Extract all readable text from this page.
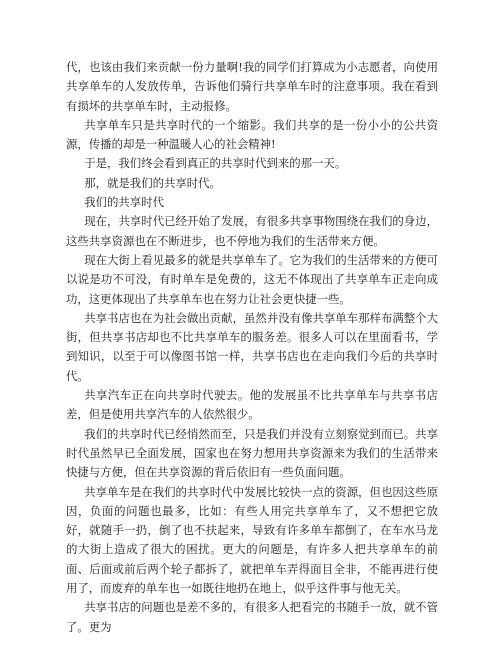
代，也该由我们来贡献一份力量啊!我的同学们打算成为小志愿者，向使用共享单车的人发放传单，告诉他们骑行共享单车时的注意事项。我在看到有损坏的共享单车时，主动报修。

共享单车只是共享时代的一个缩影。我们共享的是一份小小的公共资源，传播的却是一种温暖人心的社会精神!

于是，我们终会看到真正的共享时代到来的那一天。

那，就是我们的共享时代。

我们的共享时代

现在，共享时代已经开始了发展，有很多共享事物围绕在我们的身边，这些共享资源也在不断进步，也不停地为我们的生活带来方便。

现在大街上看见最多的就是共享单车了。它为我们的生活带来的方便可以说是功不可没，有时单车是免费的，这无不体现出了共享单车正走向成功，这更体现出了共享单车也在努力让社会更快捷一些。

共享书店也在为社会做出贡献，虽然并没有像共享单车那样布满整个大街，但共享书店却也不比共享单车的服务差。很多人可以在里面看书，学到知识，以至于可以像图书馆一样，共享书店也在走向我们今后的共享时代。

共享汽车正在向共享时代驶去。他的发展虽不比共享单车与共享书店差，但是使用共享汽车的人依然很少。

我们的共享时代已经悄然而至，只是我们并没有立刻察觉到而已。共享时代虽然早已全面发展，国家也在努力想用共享资源来为我们的生活带来快捷与方便，但在共享资源的背后依旧有一些负面问题。

共享单车是在我们的共享时代中发展比较快一点的资源，但也因这些原因，负面的问题也最多，比如：有些人用完共享单车了，又不想把它放好，就随手一扔，倒了也不扶起来，导致有许多单车都倒了，在车水马龙的大街上造成了很大的困扰。更大的问题是，有许多人把共享单车的前面、后面或前后两个轮子都拆了，就把单车弄得面目全非，不能再进行使用了，而废弃的单车也一如既往地扔在地上，似乎这件事与他无关。

共享书店的问题也是差不多的，有很多人把看完的书随手一放，就不管了。更为
